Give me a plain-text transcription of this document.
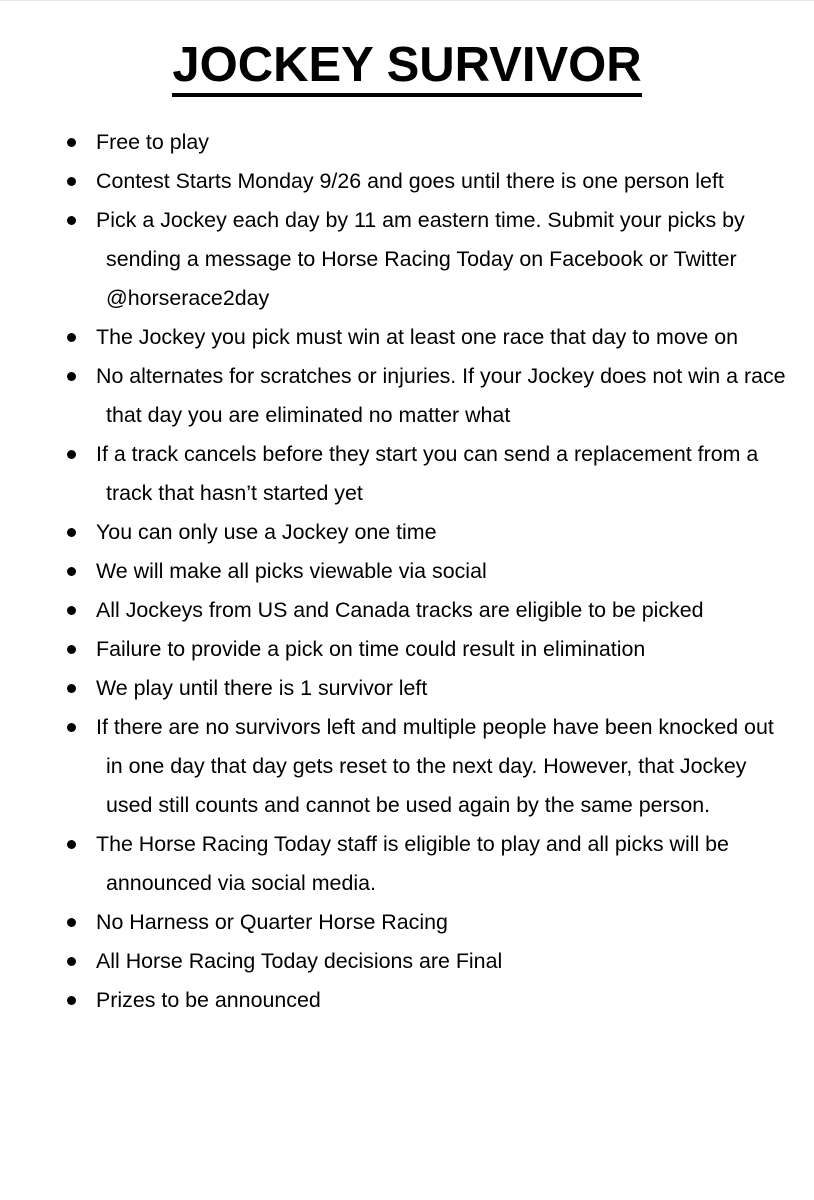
JOCKEY SURVIVOR
Free to play
Contest Starts Monday 9/26 and goes until there is one person left
Pick a Jockey each day by 11 am eastern time. Submit your picks by sending a message to Horse Racing Today on Facebook or Twitter @horserace2day
The Jockey you pick must win at least one race that day to move on
No alternates for scratches or injuries. If your Jockey does not win a race that day you are eliminated no matter what
If a track cancels before they start you can send a replacement from a track that hasn’t started yet
You can only use a Jockey one time
We will make all picks viewable via social
All Jockeys from US and Canada tracks are eligible to be picked
Failure to provide a pick on time could result in elimination
We play until there is 1 survivor left
If there are no survivors left and multiple people have been knocked out in one day that day gets reset to the next day. However, that Jockey used still counts and cannot be used again by the same person.
The Horse Racing Today staff is eligible to play and all picks will be announced via social media.
No Harness or Quarter Horse Racing
All Horse Racing Today decisions are Final
Prizes to be announced
